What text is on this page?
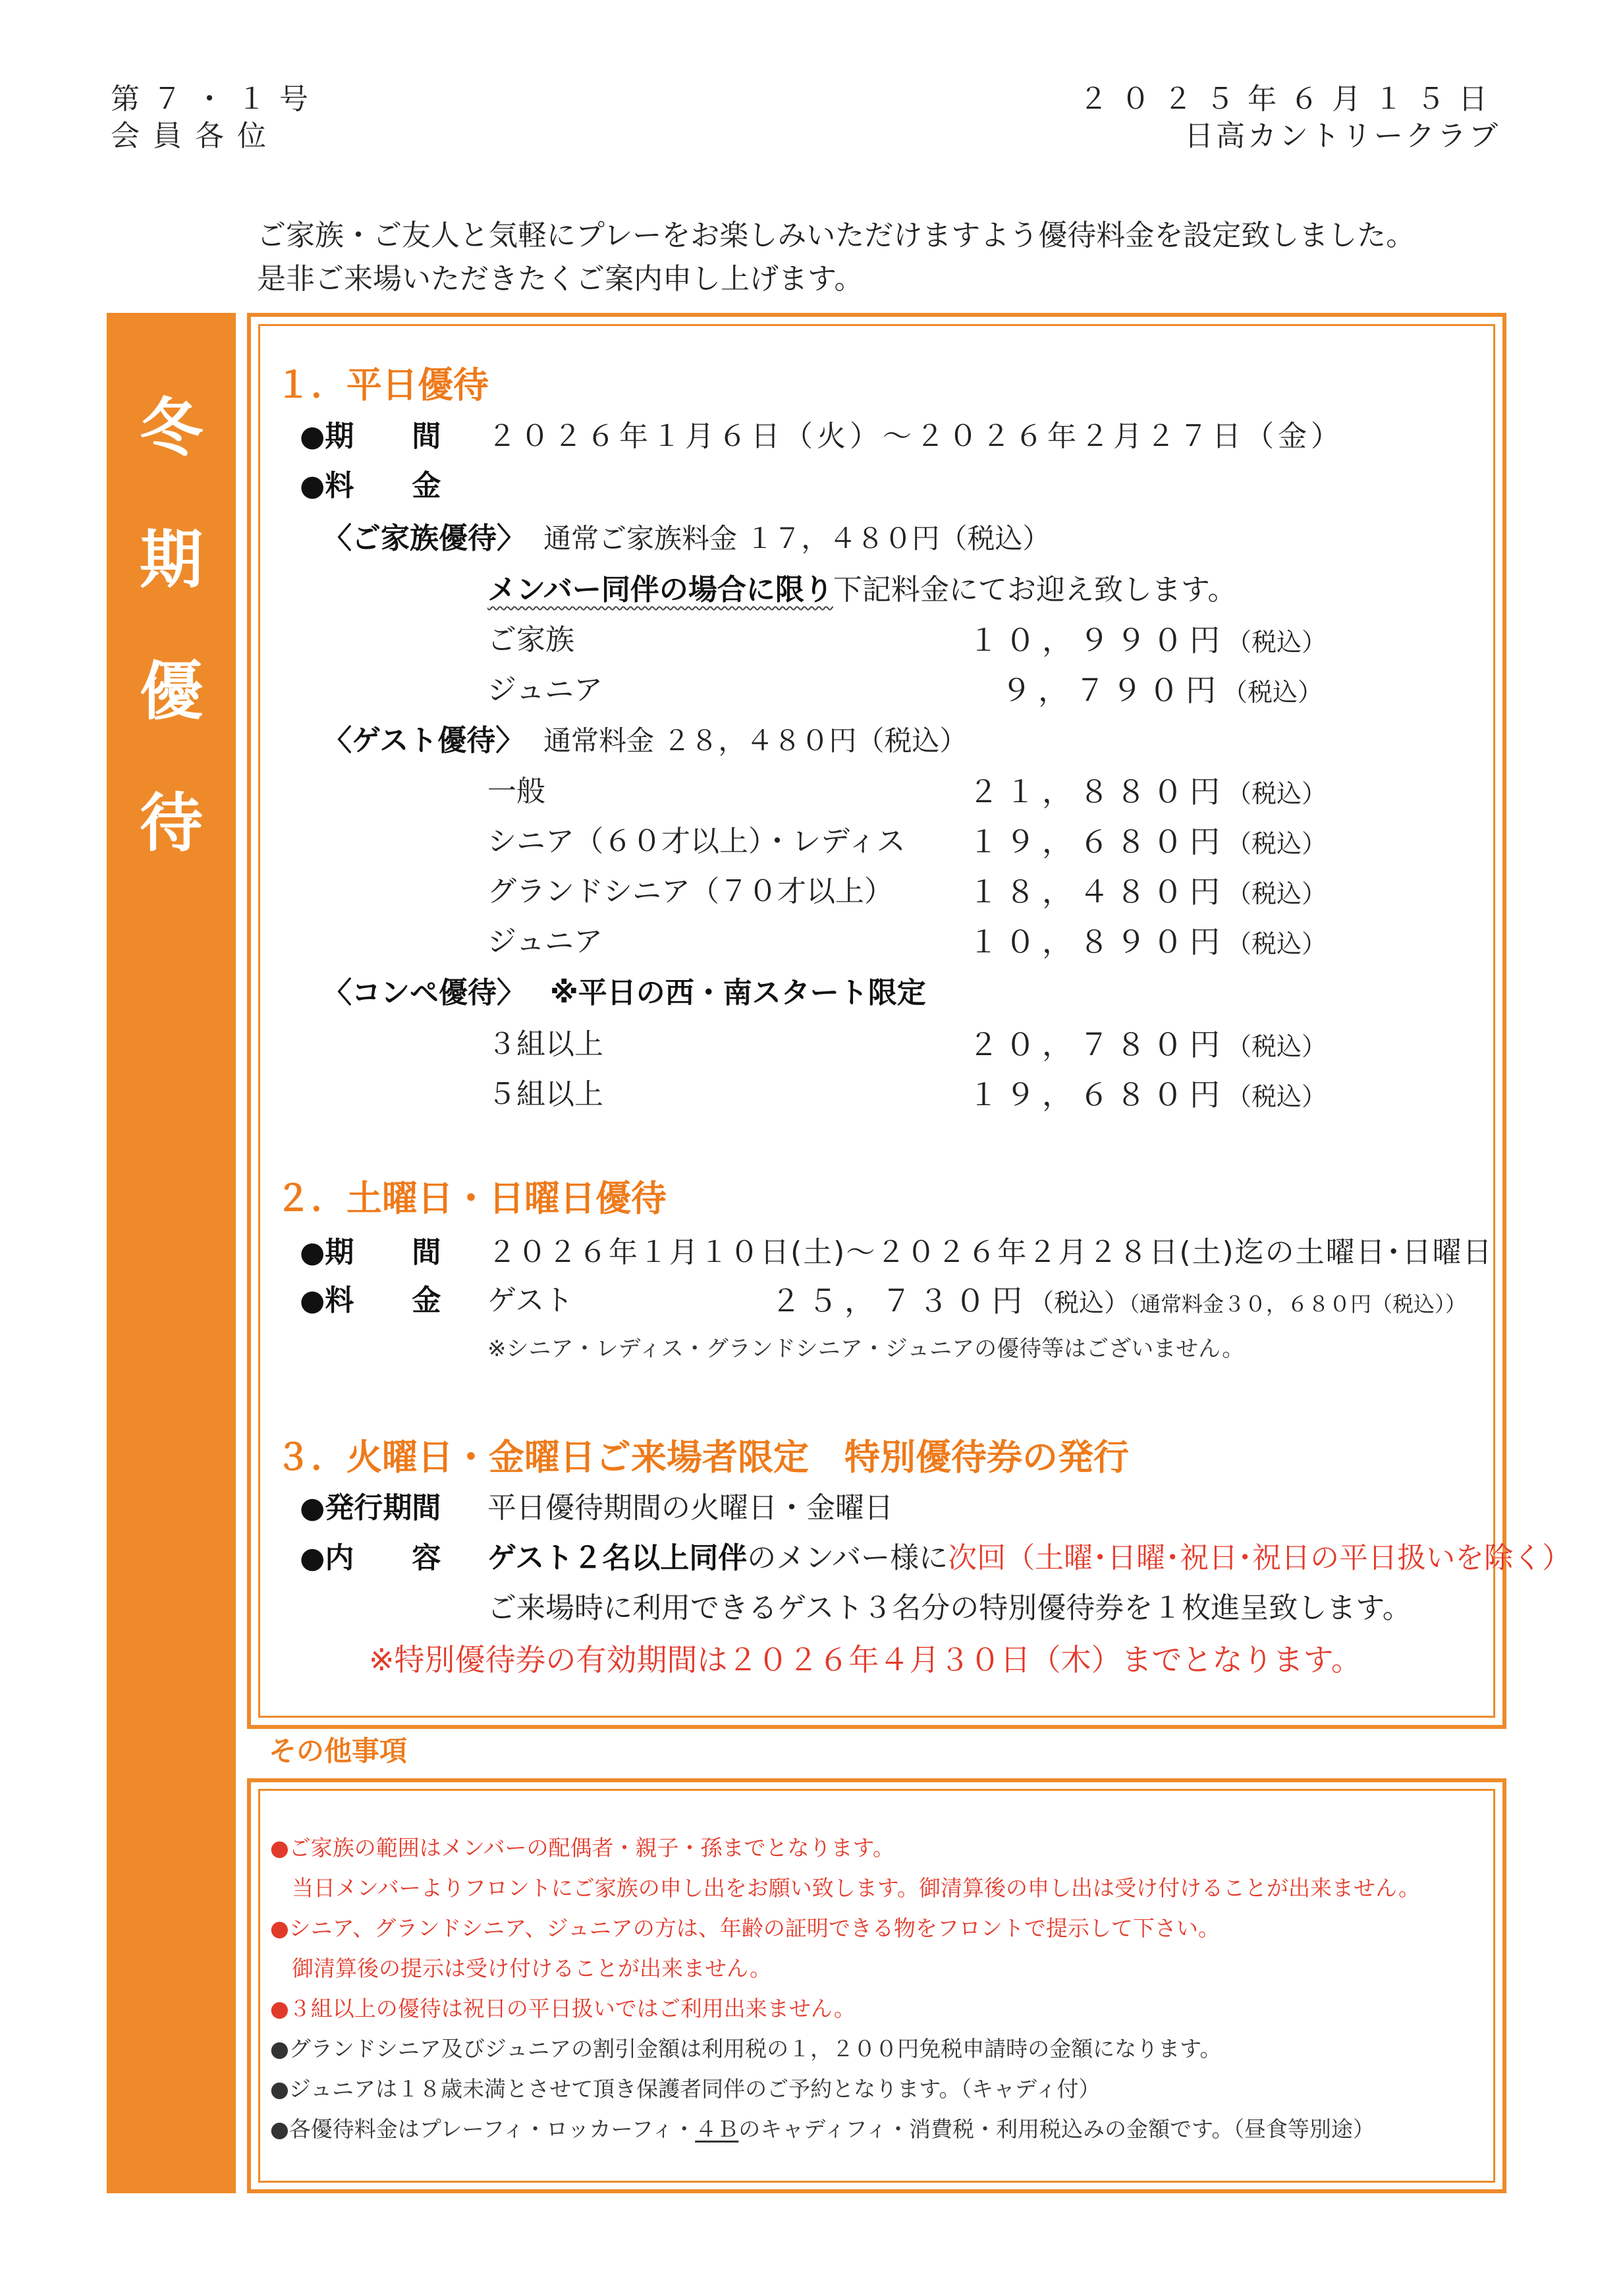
第７・１号
会員各位
２０２５年６月１５日
日高カントリークラブ
ご家族・ご友人と気軽にプレーをお楽しみいただけますよう優待料金を設定致しました。
是非ご来場いただきたくご案内申し上げます。
冬
期
優
待
１．平日優待
●期　　間 ２０２６年１月６日（火）～２０２６年２月２７日（金）
●料　　金
〈ご家族優待〉 通常ご家族料金 １７，４８０円（税込）
メンバー同伴の場合に限り下記料金にてお迎え致します。
ご家族	１０，９９０円（税込）
ジュニア	９，７９０円（税込）
〈ゲスト優待〉 通常料金 ２８，４８０円（税込）
一般	２１，８８０円（税込）
シニア（６０才以上）・レディス １９，６８０円（税込）
グランドシニア（７０才以上） １８，４８０円（税込）
ジュニア	１０，８９０円（税込）
〈コンペ優待〉 ※平日の西・南スタート限定
３組以上	２０，７８０円（税込）
５組以上	１９，６８０円（税込）
２．土曜日・日曜日優待
●期　　間 ２０２６年１月１０日(土)～２０２６年２月２８日(土)迄の土曜日･日曜日
●料　　金 ゲスト	２５，７３０円（税込）（通常料金３０，６８０円（税込））
※シニア・レディス・グランドシニア・ジュニアの優待等はございません。
３．火曜日・金曜日ご来場者限定　特別優待券の発行
●発行期間 平日優待期間の火曜日・金曜日
●内　　容 ゲスト２名以上同伴のメンバー様に次回（土曜･日曜･祝日･祝日の平日扱いを除く）
ご来場時に利用できるゲスト３名分の特別優待券を１枚進呈致します。
※特別優待券の有効期間は２０２６年４月３０日（木）までとなります。
その他事項
●ご家族の範囲はメンバーの配偶者・親子・孫までとなります。
　当日メンバーよりフロントにご家族の申し出をお願い致します。御清算後の申し出は受け付けることが出来ません。
●シニア、グランドシニア、ジュニアの方は、年齢の証明できる物をフロントで提示して下さい。
　御清算後の提示は受け付けることが出来ません。
●３組以上の優待は祝日の平日扱いではご利用出来ません。
●グランドシニア及びジュニアの割引金額は利用税の１，２００円免税申請時の金額になります。
●ジュニアは１８歳未満とさせて頂き保護者同伴のご予約となります。（キャディ付）
●各優待料金はプレーフィ・ロッカーフィ・４Ｂのキャディフィ・消費税・利用税込みの金額です。（昼食等別途）
